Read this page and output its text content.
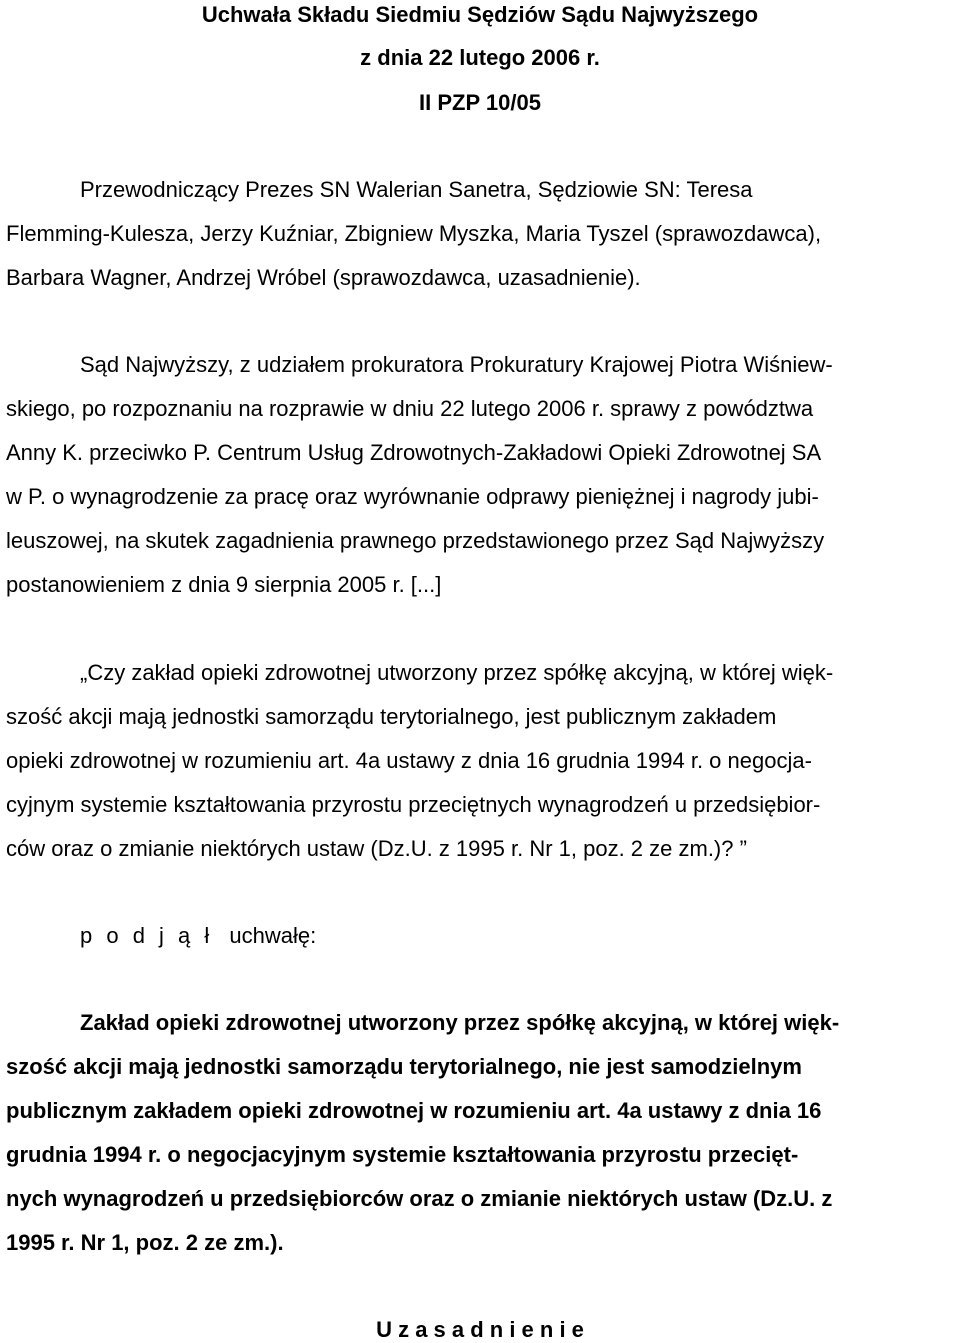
Uchwała Składu Siedmiu Sędziów Sądu Najwyższego
z dnia 22 lutego 2006 r.
II PZP 10/05
Przewodniczący Prezes SN Walerian Sanetra, Sędziowie SN: Teresa
Flemming-Kulesza, Jerzy Kuźniar, Zbigniew Myszka, Maria Tyszel (sprawozdawca),
Barbara Wagner, Andrzej Wróbel (sprawozdawca, uzasadnienie).
Sąd Najwyższy, z udziałem prokuratora Prokuratury Krajowej Piotra Wiśniew-
skiego, po rozpoznaniu na rozprawie w dniu 22 lutego 2006 r. sprawy z powództwa
Anny K. przeciwko P. Centrum Usług Zdrowotnych-Zakładowi Opieki Zdrowotnej SA
w P. o wynagrodzenie za pracę oraz wyrównanie odprawy pieniężnej i nagrody jubi-
leuszowej, na skutek zagadnienia prawnego przedstawionego przez Sąd Najwyższy
postanowieniem z dnia 9 sierpnia 2005 r. [...]
„Czy zakład opieki zdrowotnej utworzony przez spółkę akcyjną, w której więk-
szość akcji mają jednostki samorządu terytorialnego, jest publicznym zakładem
opieki zdrowotnej w rozumieniu art. 4a ustawy z dnia 16 grudnia 1994 r. o negocja-
cyjnym systemie kształtowania przyrostu przeciętnych wynagrodzeń u przedsiębior-
ców oraz o zmianie niektórych ustaw (Dz.U. z 1995 r. Nr 1, poz. 2 ze zm.)? ”
p o d j ą ł uchwałę:
Zakład opieki zdrowotnej utworzony przez spółkę akcyjną, w której więk-
szość akcji mają jednostki samorządu terytorialnego, nie jest samodzielnym
publicznym zakładem opieki zdrowotnej w rozumieniu art. 4a ustawy z dnia 16
grudnia 1994 r. o negocjacyjnym systemie kształtowania przyrostu przecięt-
nych wynagrodzeń u przedsiębiorców oraz o zmianie niektórych ustaw (Dz.U. z
1995 r. Nr 1, poz. 2 ze zm.).
U z a s a d n i e n i e
